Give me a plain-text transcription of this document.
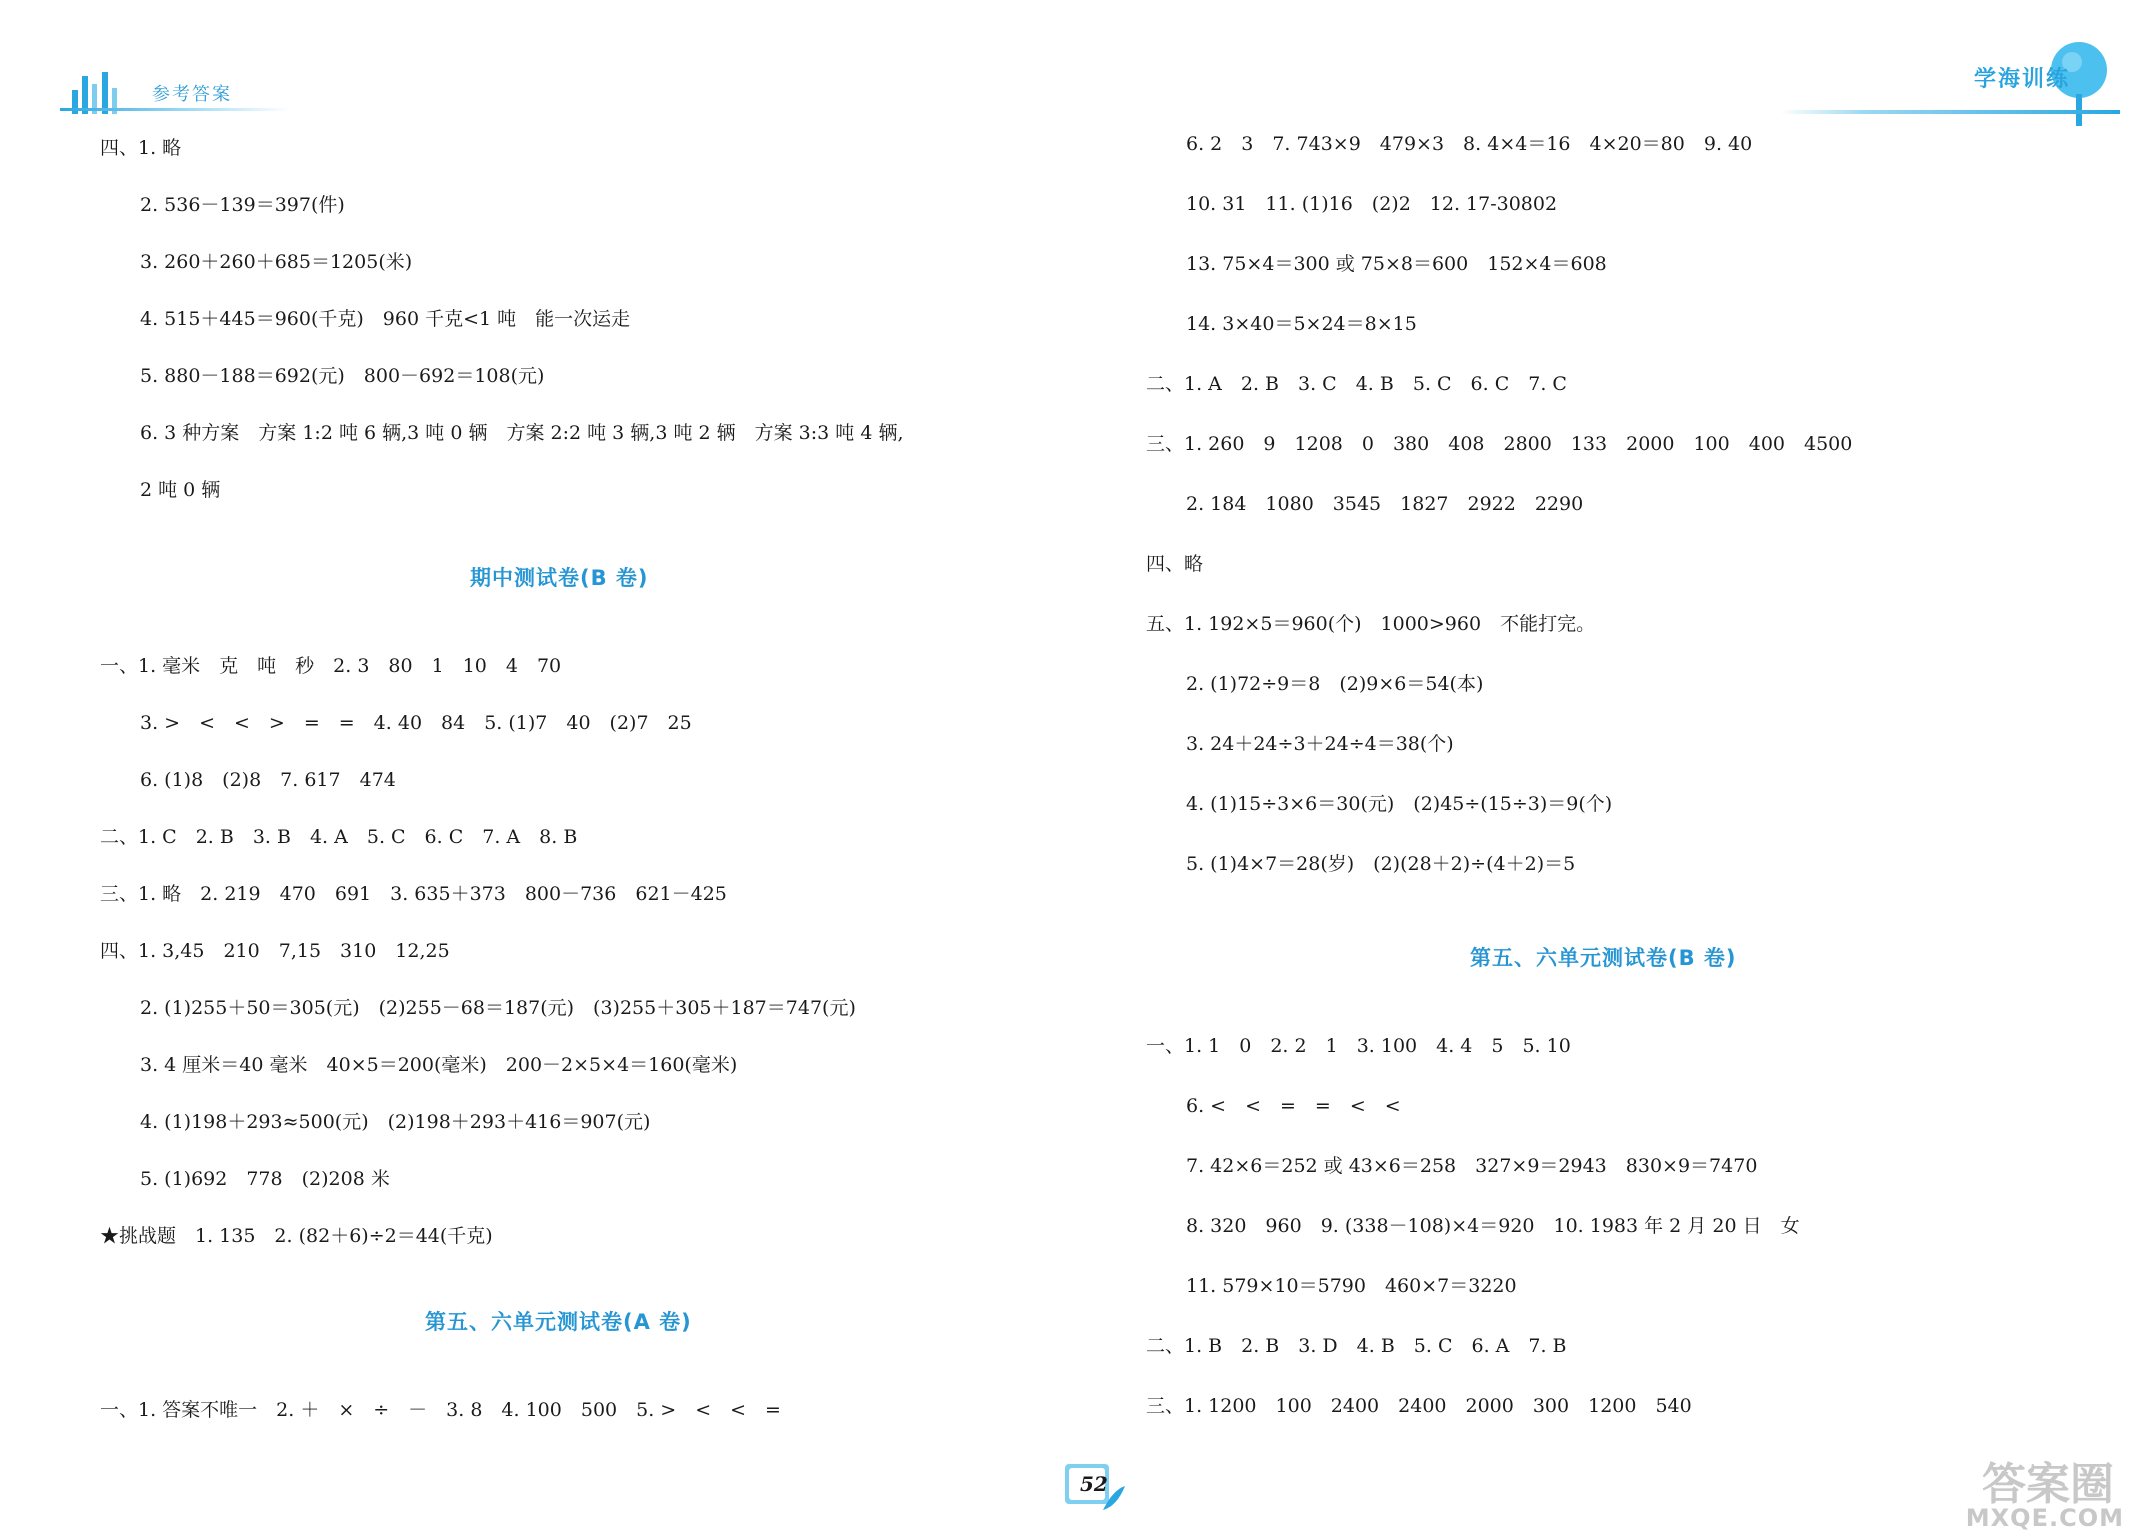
参考答案
学海训练
四、1. 略
2. 536－139＝397(件)
3. 260＋260＋685＝1205(米)
4. 515＋445＝960(千克)　960 千克<1 吨　能一次运走
5. 880－188＝692(元)　800－692＝108(元)
6. 3 种方案　方案 1:2 吨 6 辆,3 吨 0 辆　方案 2:2 吨 3 辆,3 吨 2 辆　方案 3:3 吨 4 辆,
2 吨 0 辆
期中测试卷(B 卷)
一、1. 毫米　克　吨　秒　2. 3　80　1　10　4　70
3. >　<　<　>　=　=　4. 40　84　5. (1)7　40　(2)7　25
6. (1)8　(2)8　7. 617　474
二、1. C　2. B　3. B　4. A　5. C　6. C　7. A　8. B
三、1. 略　2. 219　470　691　3. 635＋373　800－736　621－425
四、1. 3,45　210　7,15　310　12,25
2. (1)255＋50＝305(元)　(2)255－68＝187(元)　(3)255＋305＋187＝747(元)
3. 4 厘米＝40 毫米　40×5＝200(毫米)　200－2×5×4＝160(毫米)
4. (1)198＋293≈500(元)　(2)198＋293＋416＝907(元)
5. (1)692　778　(2)208 米
★挑战题　1. 135　2. (82＋6)÷2＝44(千克)
第五、六单元测试卷(A 卷)
一、1. 答案不唯一　2. ＋　×　÷　－　3. 8　4. 100　500　5. >　<　<　=
6. 2　3　7. 743×9　479×3　8. 4×4＝16　4×20＝80　9. 40
10. 31　11. (1)16　(2)2　12. 17-30802
13. 75×4＝300 或 75×8＝600　152×4＝608
14. 3×40＝5×24＝8×15
二、1. A　2. B　3. C　4. B　5. C　6. C　7. C
三、1. 260　9　1208　0　380　408　2800　133　2000　100　400　4500
2. 184　1080　3545　1827　2922　2290
四、略
五、1. 192×5＝960(个)　1000>960　不能打完。
2. (1)72÷9＝8　(2)9×6＝54(本)
3. 24＋24÷3＋24÷4＝38(个)
4. (1)15÷3×6＝30(元)　(2)45÷(15÷3)＝9(个)
5. (1)4×7＝28(岁)　(2)(28＋2)÷(4＋2)＝5
第五、六单元测试卷(B 卷)
一、1. 1　0　2. 2　1　3. 100　4. 4　5　5. 10
6. <　<　=　=　<　<
7. 42×6＝252 或 43×6＝258　327×9＝2943　830×9＝7470
8. 320　960　9. (338－108)×4＝920　10. 1983 年 2 月 20 日　女
11. 579×10＝5790　460×7＝3220
二、1. B　2. B　3. D　4. B　5. C　6. A　7. B
三、1. 1200　100　2400　2400　2000　300　1200　540
52	答案圈
MXQE.COM
